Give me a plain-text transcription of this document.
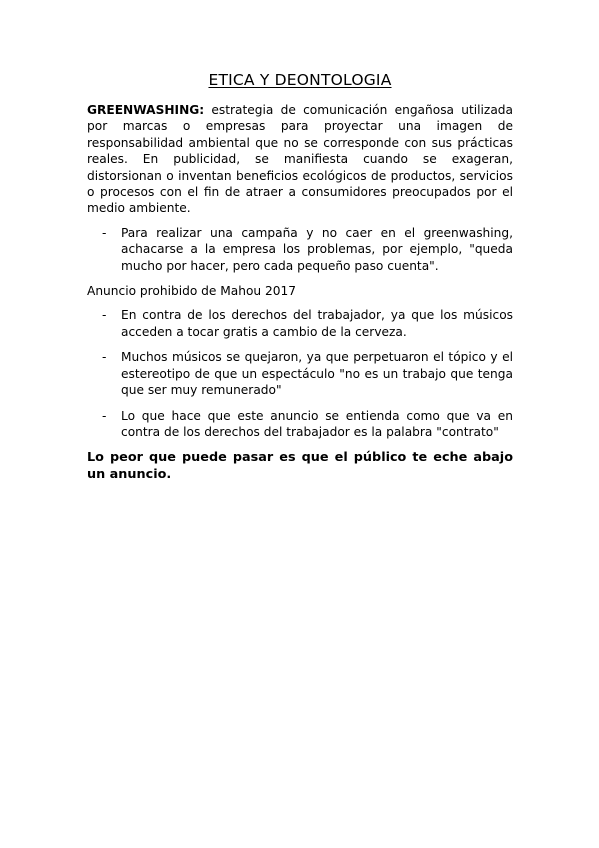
ETICA Y DEONTOLOGIA

GREENWASHING: estrategia de comunicación engañosa utilizada por marcas o empresas para proyectar una imagen de responsabilidad ambiental que no se corresponde con sus prácticas reales. En publicidad, se manifiesta cuando se exageran, distorsionan o inventan beneficios ecológicos de productos, servicios o procesos con el fin de atraer a consumidores preocupados por el medio ambiente.

- Para realizar una campaña y no caer en el greenwashing, achacarse a la empresa los problemas, por ejemplo, "queda mucho por hacer, pero cada pequeño paso cuenta".

Anuncio prohibido de Mahou 2017

- En contra de los derechos del trabajador, ya que los músicos acceden a tocar gratis a cambio de la cerveza.
- Muchos músicos se quejaron, ya que perpetuaron el tópico y el estereotipo de que un espectáculo "no es un trabajo que tenga que ser muy remunerado"
- Lo que hace que este anuncio se entienda como que va en contra de los derechos del trabajador es la palabra "contrato"

Lo peor que puede pasar es que el público te eche abajo un anuncio.
